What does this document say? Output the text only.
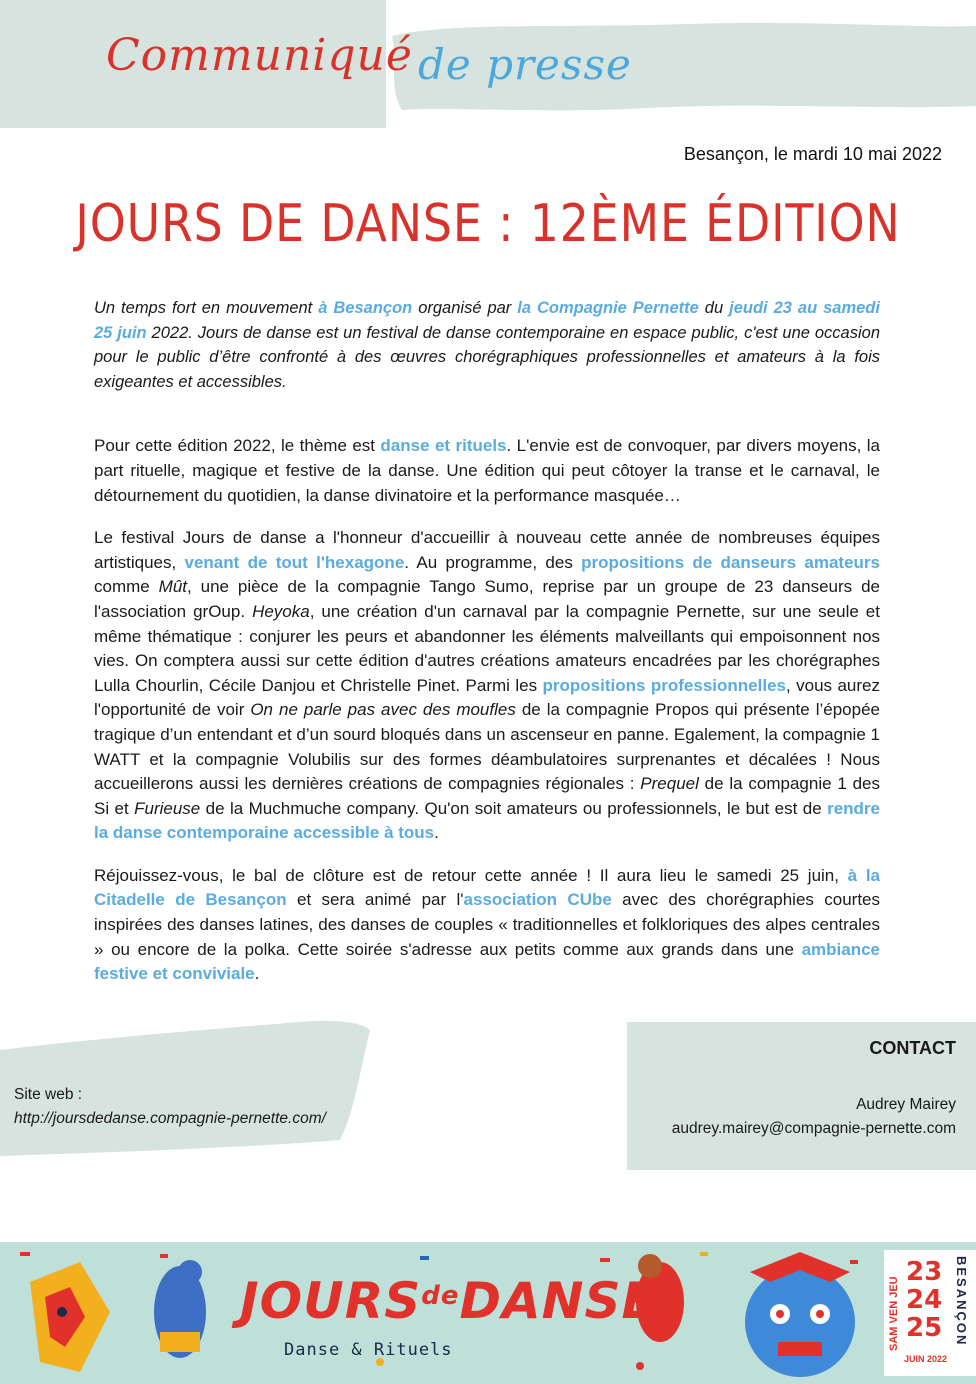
Communiqué de presse
Besançon, le mardi 10 mai 2022
JOURS DE DANSE : 12ÈME ÉDITION

Un temps fort en mouvement à Besançon organisé par la Compagnie Pernette du jeudi 23 au samedi 25 juin 2022. Jours de danse est un festival de danse contemporaine en espace public, c'est une occasion pour le public d’être confronté à des œuvres chorégraphiques professionnelles et amateurs à la fois exigeantes et accessibles.

Pour cette édition 2022, le thème est danse et rituels. L'envie est de convoquer, par divers moyens, la part rituelle, magique et festive de la danse. Une édition qui peut côtoyer la transe et le carnaval, le détournement du quotidien, la danse divinatoire et la performance masquée…

Le festival Jours de danse a l'honneur d'accueillir à nouveau cette année de nombreuses équipes artistiques, venant de tout l'hexagone. Au programme, des propositions de danseurs amateurs comme Mût, une pièce de la compagnie Tango Sumo, reprise par un groupe de 23 danseurs de l'association grOup. Heyoka, une création d'un carnaval par la compagnie Pernette, sur une seule et même thématique : conjurer les peurs et abandonner les éléments malveillants qui empoisonnent nos vies. On comptera aussi sur cette édition d'autres créations amateurs encadrées par les chorégraphes Lulla Chourlin, Cécile Danjou et Christelle Pinet. Parmi les propositions professionnelles, vous aurez l'opportunité de voir On ne parle pas avec des moufles de la compagnie Propos qui présente l’épopée tragique d’un entendant et d’un sourd bloqués dans un ascenseur en panne. Egalement, la compagnie 1 WATT et la compagnie Volubilis sur des formes déambulatoires surprenantes et décalées ! Nous accueillerons aussi les dernières créations de compagnies régionales : Prequel de la compagnie 1 des Si et Furieuse de la Muchmuche company. Qu'on soit amateurs ou professionnels, le but est de rendre la danse contemporaine accessible à tous.

Réjouissez-vous, le bal de clôture est de retour cette année ! Il aura lieu le samedi 25 juin, à la Citadelle de Besançon et sera animé par l'association CUbe avec des chorégraphies courtes inspirées des danses latines, des danses de couples « traditionnelles et folkloriques des alpes centrales » ou encore de la polka. Cette soirée s'adresse aux petits comme aux grands dans une ambiance festive et conviviale.

Site web :
http://joursdedanse.compagnie-pernette.com/
CONTACT
Audrey Mairey
audrey.mairey@compagnie-pernette.com
$JOURS^{de}DANSE$
Danse & Rituels	SAM VEN JEU
23
24
25
JUIN 2022
BESANÇON
